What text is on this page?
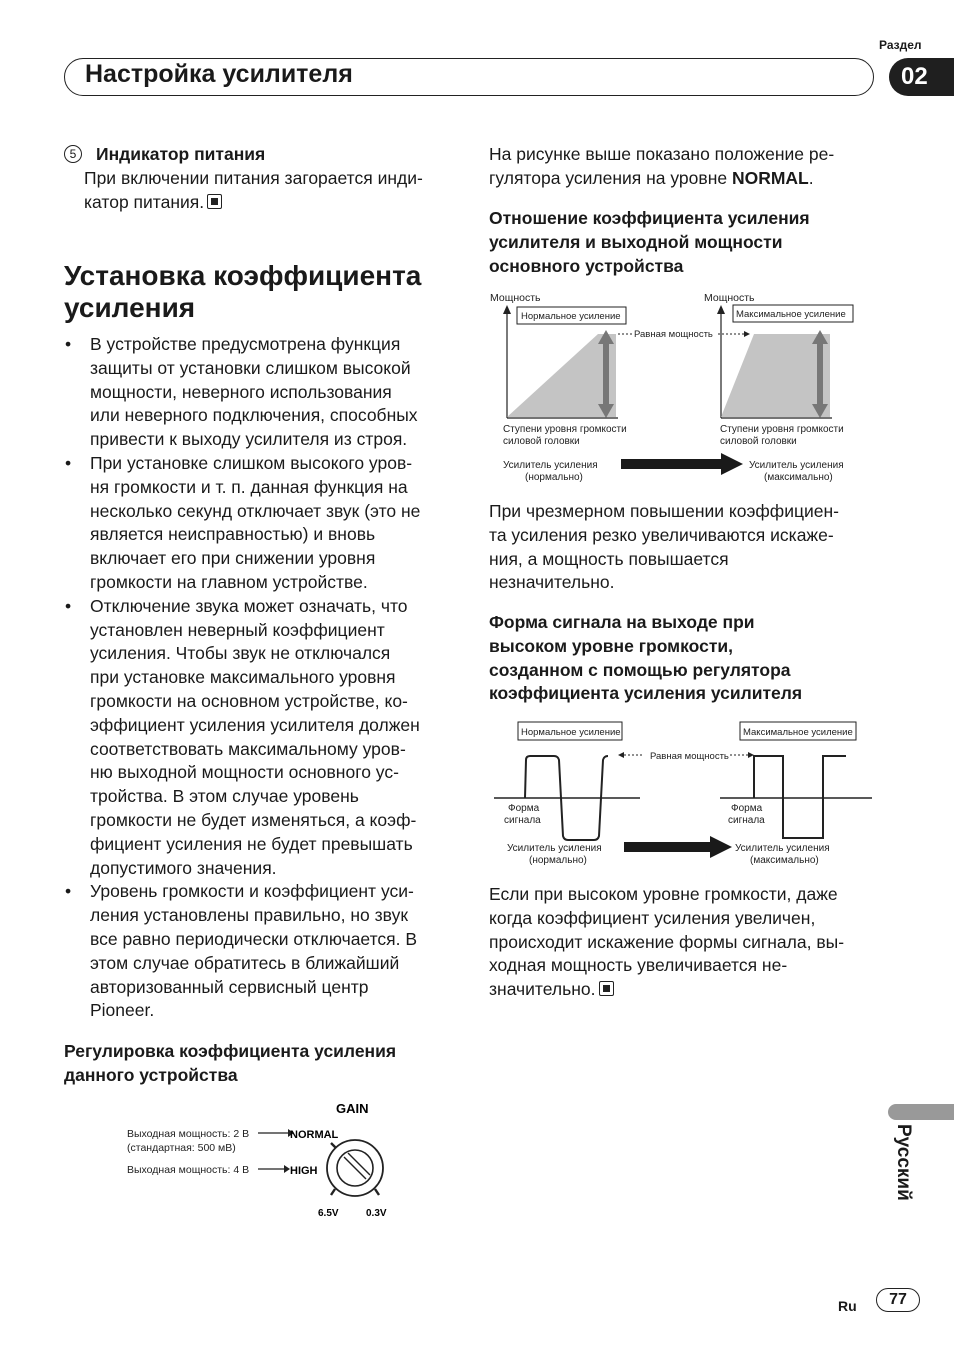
Раздел
Настройка усилителя	02
5	Индикатор питания
При включении питания загорается инди-
катор питания.
Установка коэффициента
усиления
• В устройстве предусмотрена функция
защиты от установки слишком высокой
мощности, неверного использования
или неверного подключения, способных
привести к выходу усилителя из строя.
• При установке слишком высокого уров-
ня громкости и т. п. данная функция на
несколько секунд отключает звук (это не
является неисправностью) и вновь
включает его при снижении уровня
громкости на главном устройстве.
• Отключение звука может означать, что
установлен неверный коэффициент
усиления. Чтобы звук не отключался
при установке максимального уровня
громкости на основном устройстве, ко-
эффициент усиления усилителя должен
соответствовать максимальному уров-
ню выходной мощности основного ус-
тройства. В этом случае уровень
громкости не будет изменяться, а коэф-
фициент усиления не будет превышать
допустимого значения.
• Уровень громкости и коэффициент уси-
ления установлены правильно, но звук
все равно периодически отключается. В
этом случае обратитесь в ближайший
авторизованный сервисный центр
Pioneer.
Регулировка коэффициента усиления
данного устройства
GAIN
Выходная мощность: 2 В
(стандартная: 500 мВ)
Выходная мощность: 4 В
NORMAL
HIGH
6.5V	0.3V
На рисунке выше показано положение ре-
гулятора усиления на уровне NORMAL.
Отношение коэффициента усиления
усилителя и выходной мощности
основного устройства
Мощность
Нормальное усиление
Ступени уровня громкости
силовой головки
Равная мощность
Мощность
Максимальное усиление
Ступени уровня громкости
силовой головки
Усилитель усиления
(нормально)
Усилитель усиления
(максимально)
При чрезмерном повышении коэффициен-
та усиления резко увеличиваются искаже-
ния, а мощность повышается
незначительно.
Форма сигнала на выходе при
высоком уровне громкости,
созданном с помощью регулятора
коэффициента усиления усилителя
Нормальное усиление	Максимальное усиление
Равная мощность
Форма
сигнала
Форма
сигнала
Усилитель усиления
(нормально)
Усилитель усиления
(максимально)
Если при высоком уровне громкости, даже
когда коэффициент усиления увеличен,
происходит искажение формы сигнала, вы-
ходная мощность увеличивается не-
значительно.
Русский
Ru	77
